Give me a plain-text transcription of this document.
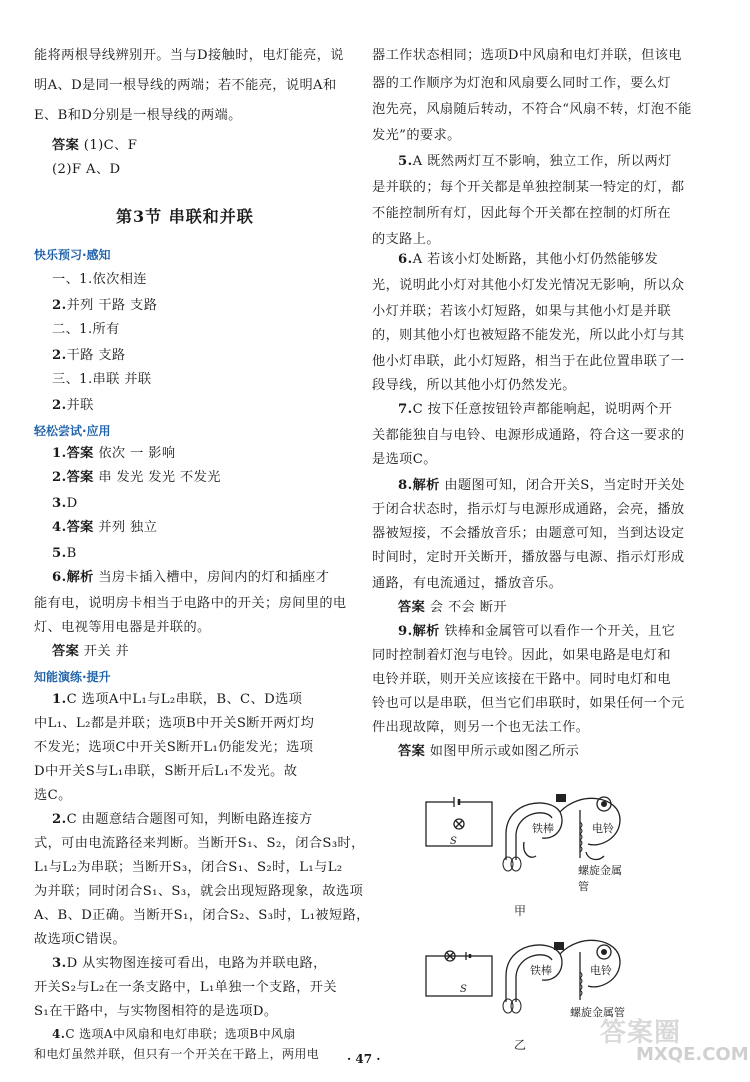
能将两根导线辨别开。当与D接触时，电灯能亮，说
明A、D是同一根导线的两端；若不能亮，说明A和
E、B和D分别是一根导线的两端。
答案 (1)C、F
(2)F A、D
第3节 串联和并联
快乐预习·感知
一、1.依次相连
2.并列 干路 支路
二、1.所有
2.干路 支路
三、1.串联 并联
2.并联
轻松尝试·应用
1.答案 依次 一 影响
2.答案 串 发光 发光 不发光
3.D
4.答案 并列 独立
5.B
6.解析 当房卡插入槽中，房间内的灯和插座才
能有电，说明房卡相当于电路中的开关；房间里的电
灯、电视等用电器是并联的。
答案 开关 并
知能演练·提升
1.C 选项A中L₁与L₂串联，B、C、D选项
中L₁、L₂都是并联；选项B中开关S断开两灯均
不发光；选项C中开关S断开L₁仍能发光；选项
D中开关S与L₁串联，S断开后L₁不发光。故
选C。
2.C 由题意结合题图可知，判断电路连接方
式，可由电流路径来判断。当断开S₁、S₂，闭合S₃时，
L₁与L₂为串联；当断开S₃，闭合S₁、S₂时，L₁与L₂
为并联；同时闭合S₁、S₃，就会出现短路现象，故选项
A、B、D正确。当断开S₁，闭合S₂、S₃时，L₁被短路，
故选项C错误。
3.D 从实物图连接可看出，电路为并联电路，
开关S₂与L₂在一条支路中，L₁单独一个支路，开关
S₁在干路中，与实物图相符的是选项D。
4.C 选项A中风扇和电灯串联；选项B中风扇
和电灯虽然并联，但只有一个开关在干路上，两用电
器工作状态相同；选项D中风扇和电灯并联，但该电
器的工作顺序为灯泡和风扇要么同时工作，要么灯
泡先亮，风扇随后转动，不符合“风扇不转，灯泡不能
发光”的要求。
5.A 既然两灯互不影响，独立工作，所以两灯
是并联的；每个开关都是单独控制某一特定的灯，都
不能控制所有灯，因此每个开关都在控制的灯所在
的支路上。
6.A 若该小灯处断路，其他小灯仍然能够发
光，说明此小灯对其他小灯发光情况无影响，所以众
小灯并联；若该小灯短路，如果与其他小灯是并联
的，则其他小灯也被短路不能发光，所以此小灯与其
他小灯串联，此小灯短路，相当于在此位置串联了一
段导线，所以其他小灯仍然发光。
7.C 按下任意按钮铃声都能响起，说明两个开
关都能独自与电铃、电源形成通路，符合这一要求的
是选项C。
8.解析 由题图可知，闭合开关S，当定时开关处
于闭合状态时，指示灯与电源形成通路，会亮，播放
器被短接，不会播放音乐；由题意可知，当到达设定
时间时，定时开关断开，播放器与电源、指示灯形成
通路，有电流通过，播放音乐。
答案 会 不会 断开
9.解析 铁棒和金属管可以看作一个开关，且它
同时控制着灯泡与电铃。因此，如果电路是电灯和
电铃并联，则开关应该接在干路中。同时电灯和电
铃也可以是串联，但当它们串联时，如果任何一个元
件出现故障，则另一个也无法工作。
答案 如图甲所示或如图乙所示
S
铁棒	电铃
螺旋金属管
甲
S
铁棒	电铃
螺旋金属管
乙
· 47 ·
答案圈
MXQE.COM
